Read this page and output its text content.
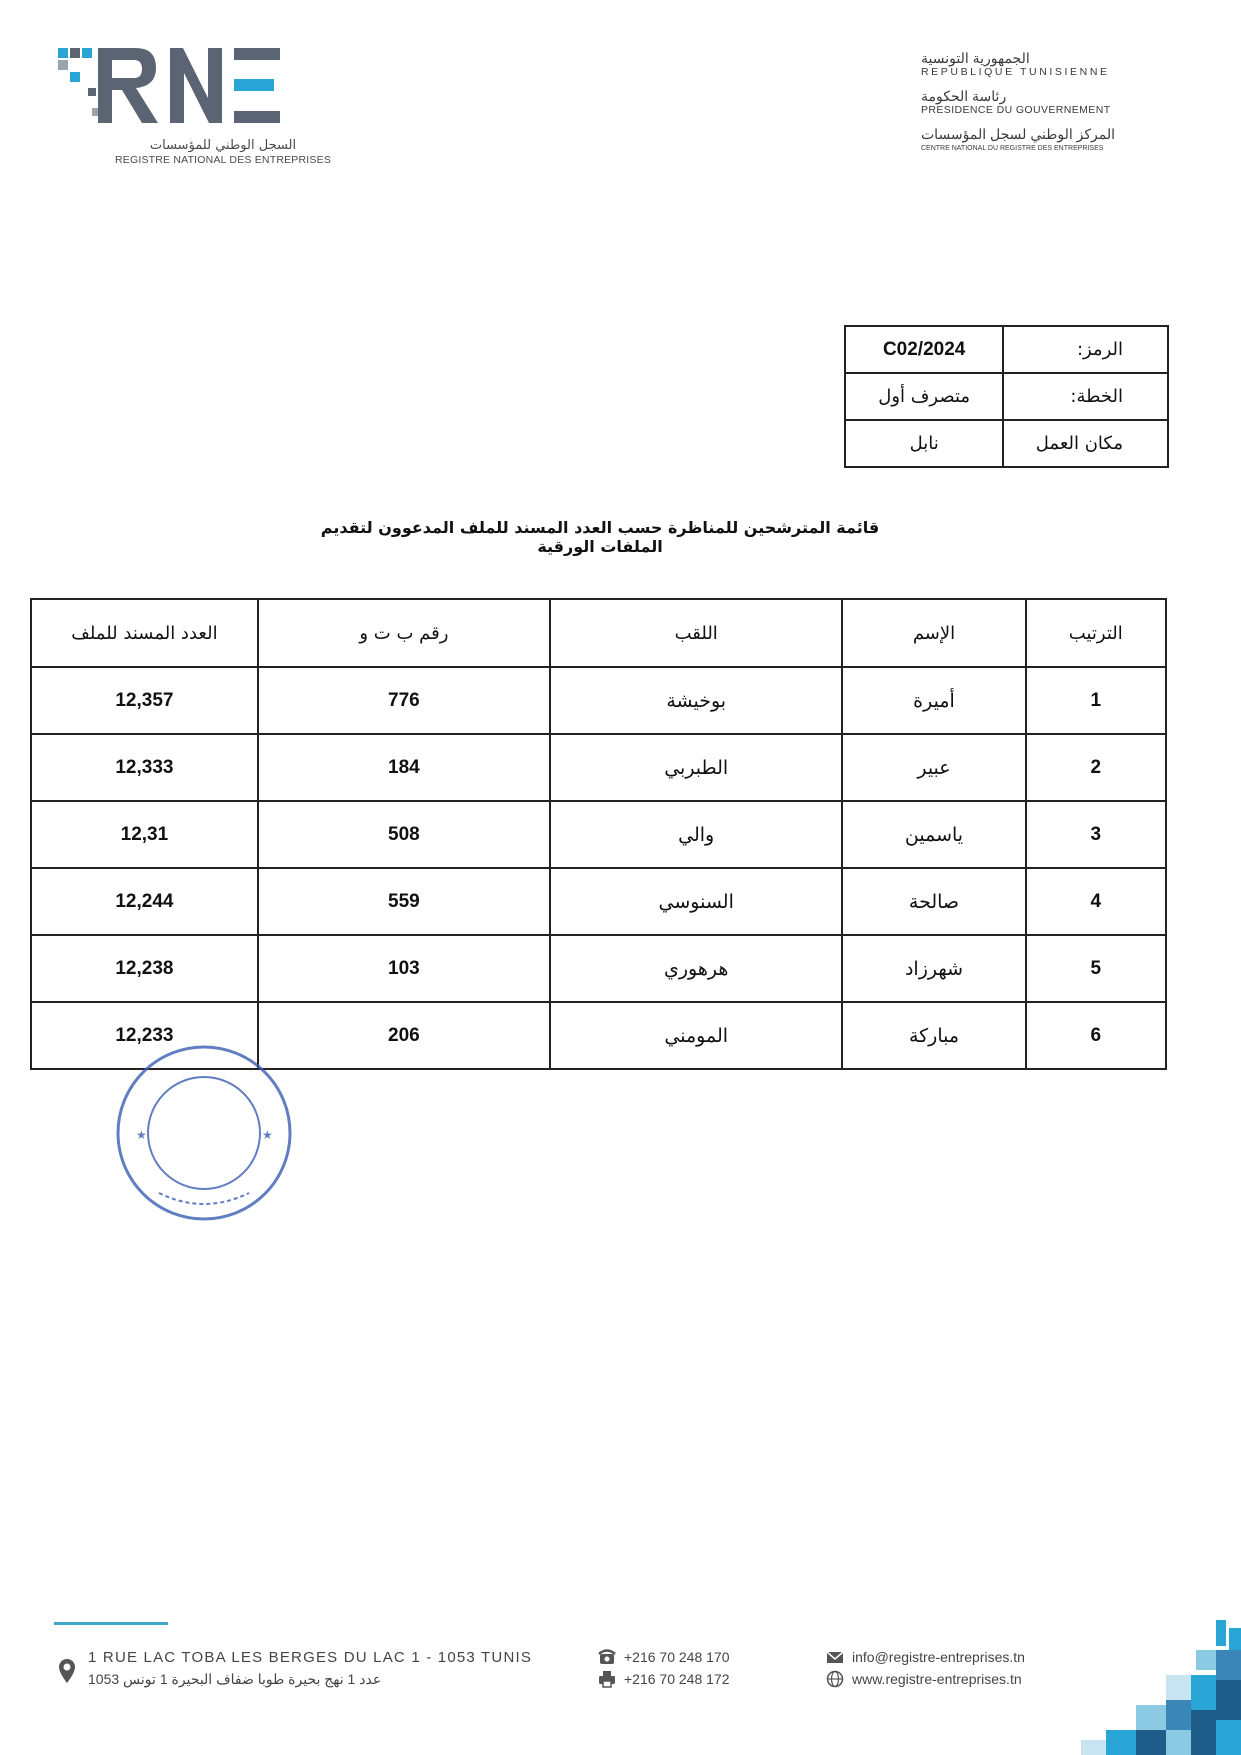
السجل الوطني للمؤسسات
REGISTRE NATIONAL DES ENTREPRISES
الجمهورية التونسية
REPUBLIQUE TUNISIENNE
رئاسة الحكومة
PRESIDENCE DU GOUVERNEMENT
المركز الوطني لسجل المؤسسات
CENTRE NATIONAL DU REGISTRE DES ENTREPRISES
C02/2024	الرمز:
متصرف أول	الخطة:
نابل	مكان العمل
قائمة المترشحين للمناظرة حسب العدد المسند للملف المدعوون لتقديم الملفات الورقية
العدد المسند للملف	رقم ب ت و	اللقب	الإسم	الترتيب
12,357	776	بوخيشة	أميرة	1
12,333	184	الطبربي	عبير	2
12,31	508	والي	ياسمين	3
12,244	559	السنوسي	صالحة	4
12,238	103	هرهوري	شهرزاد	5
12,233	206	المومني	مباركة	6
★	★
1 RUE LAC TOBA LES BERGES DU LAC 1 - 1053 TUNIS
عدد 1 نهج بحيرة طوبا ضفاف البحيرة 1 تونس 1053
+216 70 248 170
+216 70 248 172
info@registre-entreprises.tn
www.registre-entreprises.tn
